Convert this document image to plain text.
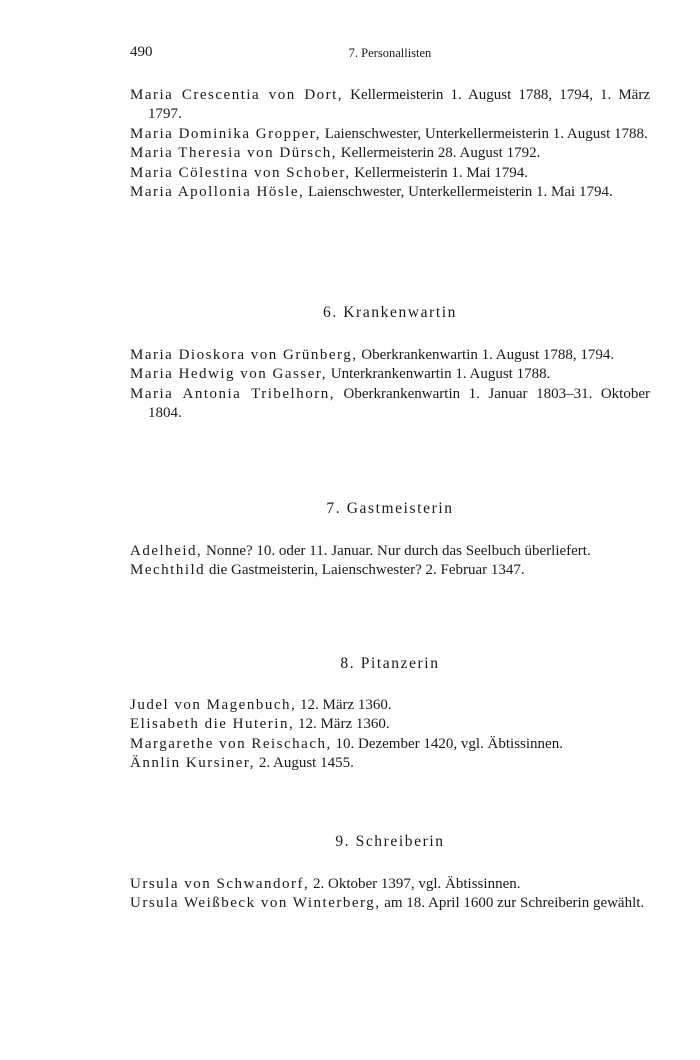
490	7. Personallisten
Maria Crescentia von Dort, Kellermeisterin 1. August 1788, 1794, 1. März 1797.
Maria Dominika Gropper, Laienschwester, Unterkellermeisterin 1. August 1788.
Maria Theresia von Dürsch, Kellermeisterin 28. August 1792.
Maria Cölestina von Schober, Kellermeisterin 1. Mai 1794.
Maria Apollonia Hösle, Laienschwester, Unterkellermeisterin 1. Mai 1794.
6. Krankenwartin
Maria Dioskora von Grünberg, Oberkrankenwartin 1. August 1788, 1794.
Maria Hedwig von Gasser, Unterkrankenwartin 1. August 1788.
Maria Antonia Tribelhorn, Oberkrankenwartin 1. Januar 1803–31. Oktober 1804.
7. Gastmeisterin
Adelheid, Nonne? 10. oder 11. Januar. Nur durch das Seelbuch überliefert.
Mechthild die Gastmeisterin, Laienschwester? 2. Februar 1347.
8. Pitanzerin
Judel von Magenbuch, 12. März 1360.
Elisabeth die Huterin, 12. März 1360.
Margarethe von Reischach, 10. Dezember 1420, vgl. Äbtissinnen.
Ännlin Kursiner, 2. August 1455.
9. Schreiberin
Ursula von Schwandorf, 2. Oktober 1397, vgl. Äbtissinnen.
Ursula Weißbeck von Winterberg, am 18. April 1600 zur Schreiberin gewählt.
